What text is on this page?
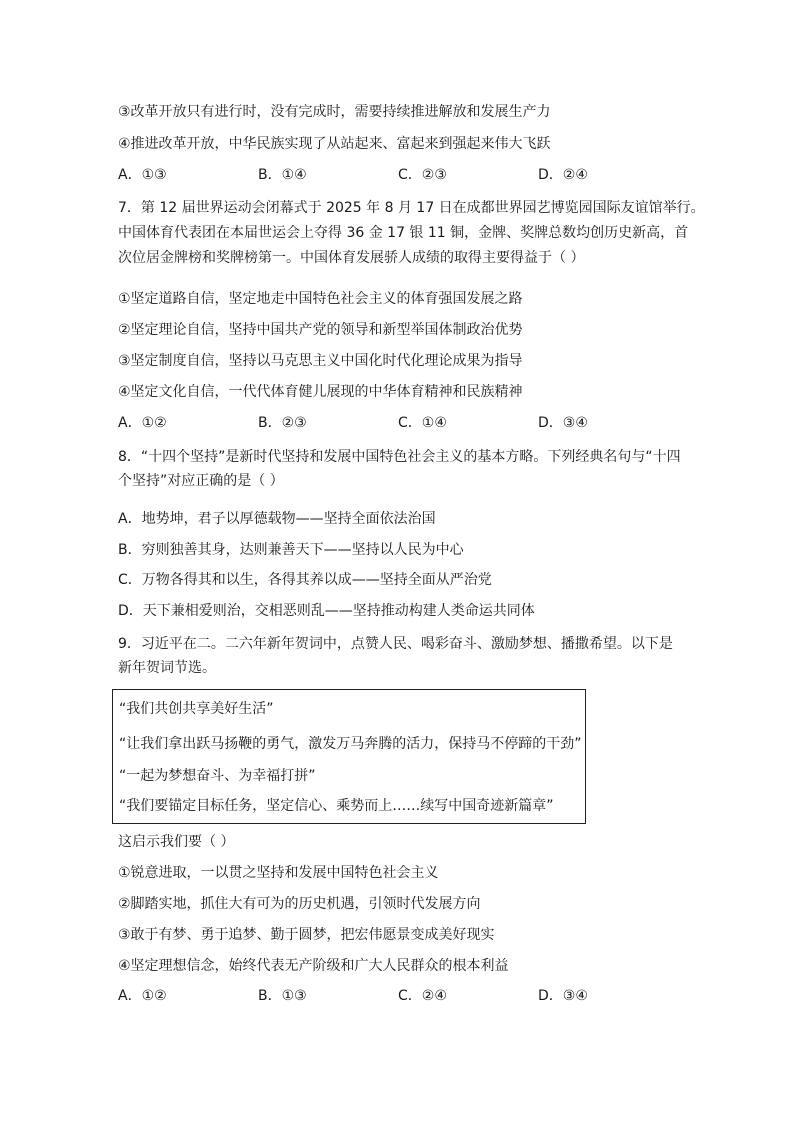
③改革开放只有进行时，没有完成时，需要持续推进解放和发展生产力
④推进改革开放，中华民族实现了从站起来、富起来到强起来伟大飞跃
A．①③	B．①④	C．②③	D．②④
7．第 12 届世界运动会闭幕式于 2025 年 8 月 17 日在成都世界园艺博览园国际友谊馆举行。
中国体育代表团在本届世运会上夺得 36 金 17 银 11 铜，金牌、奖牌总数均创历史新高，首
次位居金牌榜和奖牌榜第一。中国体育发展骄人成绩的取得主要得益于（ ）
①坚定道路自信，坚定地走中国特色社会主义的体育强国发展之路
②坚定理论自信，坚持中国共产党的领导和新型举国体制政治优势
③坚定制度自信，坚持以马克思主义中国化时代化理论成果为指导
④坚定文化自信，一代代体育健儿展现的中华体育精神和民族精神
A．①②	B．②③	C．①④	D．③④
8．“十四个坚持”是新时代坚持和发展中国特色社会主义的基本方略。下列经典名句与“十四
个坚持”对应正确的是（ ）
A．地势坤，君子以厚德载物——坚持全面依法治国
B．穷则独善其身，达则兼善天下——坚持以人民为中心
C．万物各得其和以生，各得其养以成——坚持全面从严治党
D．天下兼相爱则治，交相恶则乱——坚持推动构建人类命运共同体
9．习近平在二。二六年新年贺词中，点赞人民、喝彩奋斗、激励梦想、播撒希望。以下是
新年贺词节选。
“我们共创共享美好生活”
“让我们拿出跃马扬鞭的勇气，激发万马奔腾的活力，保持马不停蹄的干劲”
“一起为梦想奋斗、为幸福打拼”
“我们要锚定目标任务，坚定信心、乘势而上……续写中国奇迹新篇章”
这启示我们要（ ）
①锐意进取，一以贯之坚持和发展中国特色社会主义
②脚踏实地，抓住大有可为的历史机遇，引领时代发展方向
③敢于有梦、勇于追梦、勤于圆梦，把宏伟愿景变成美好现实
④坚定理想信念，始终代表无产阶级和广大人民群众的根本利益
A．①②	B．①③	C．②④	D．③④
